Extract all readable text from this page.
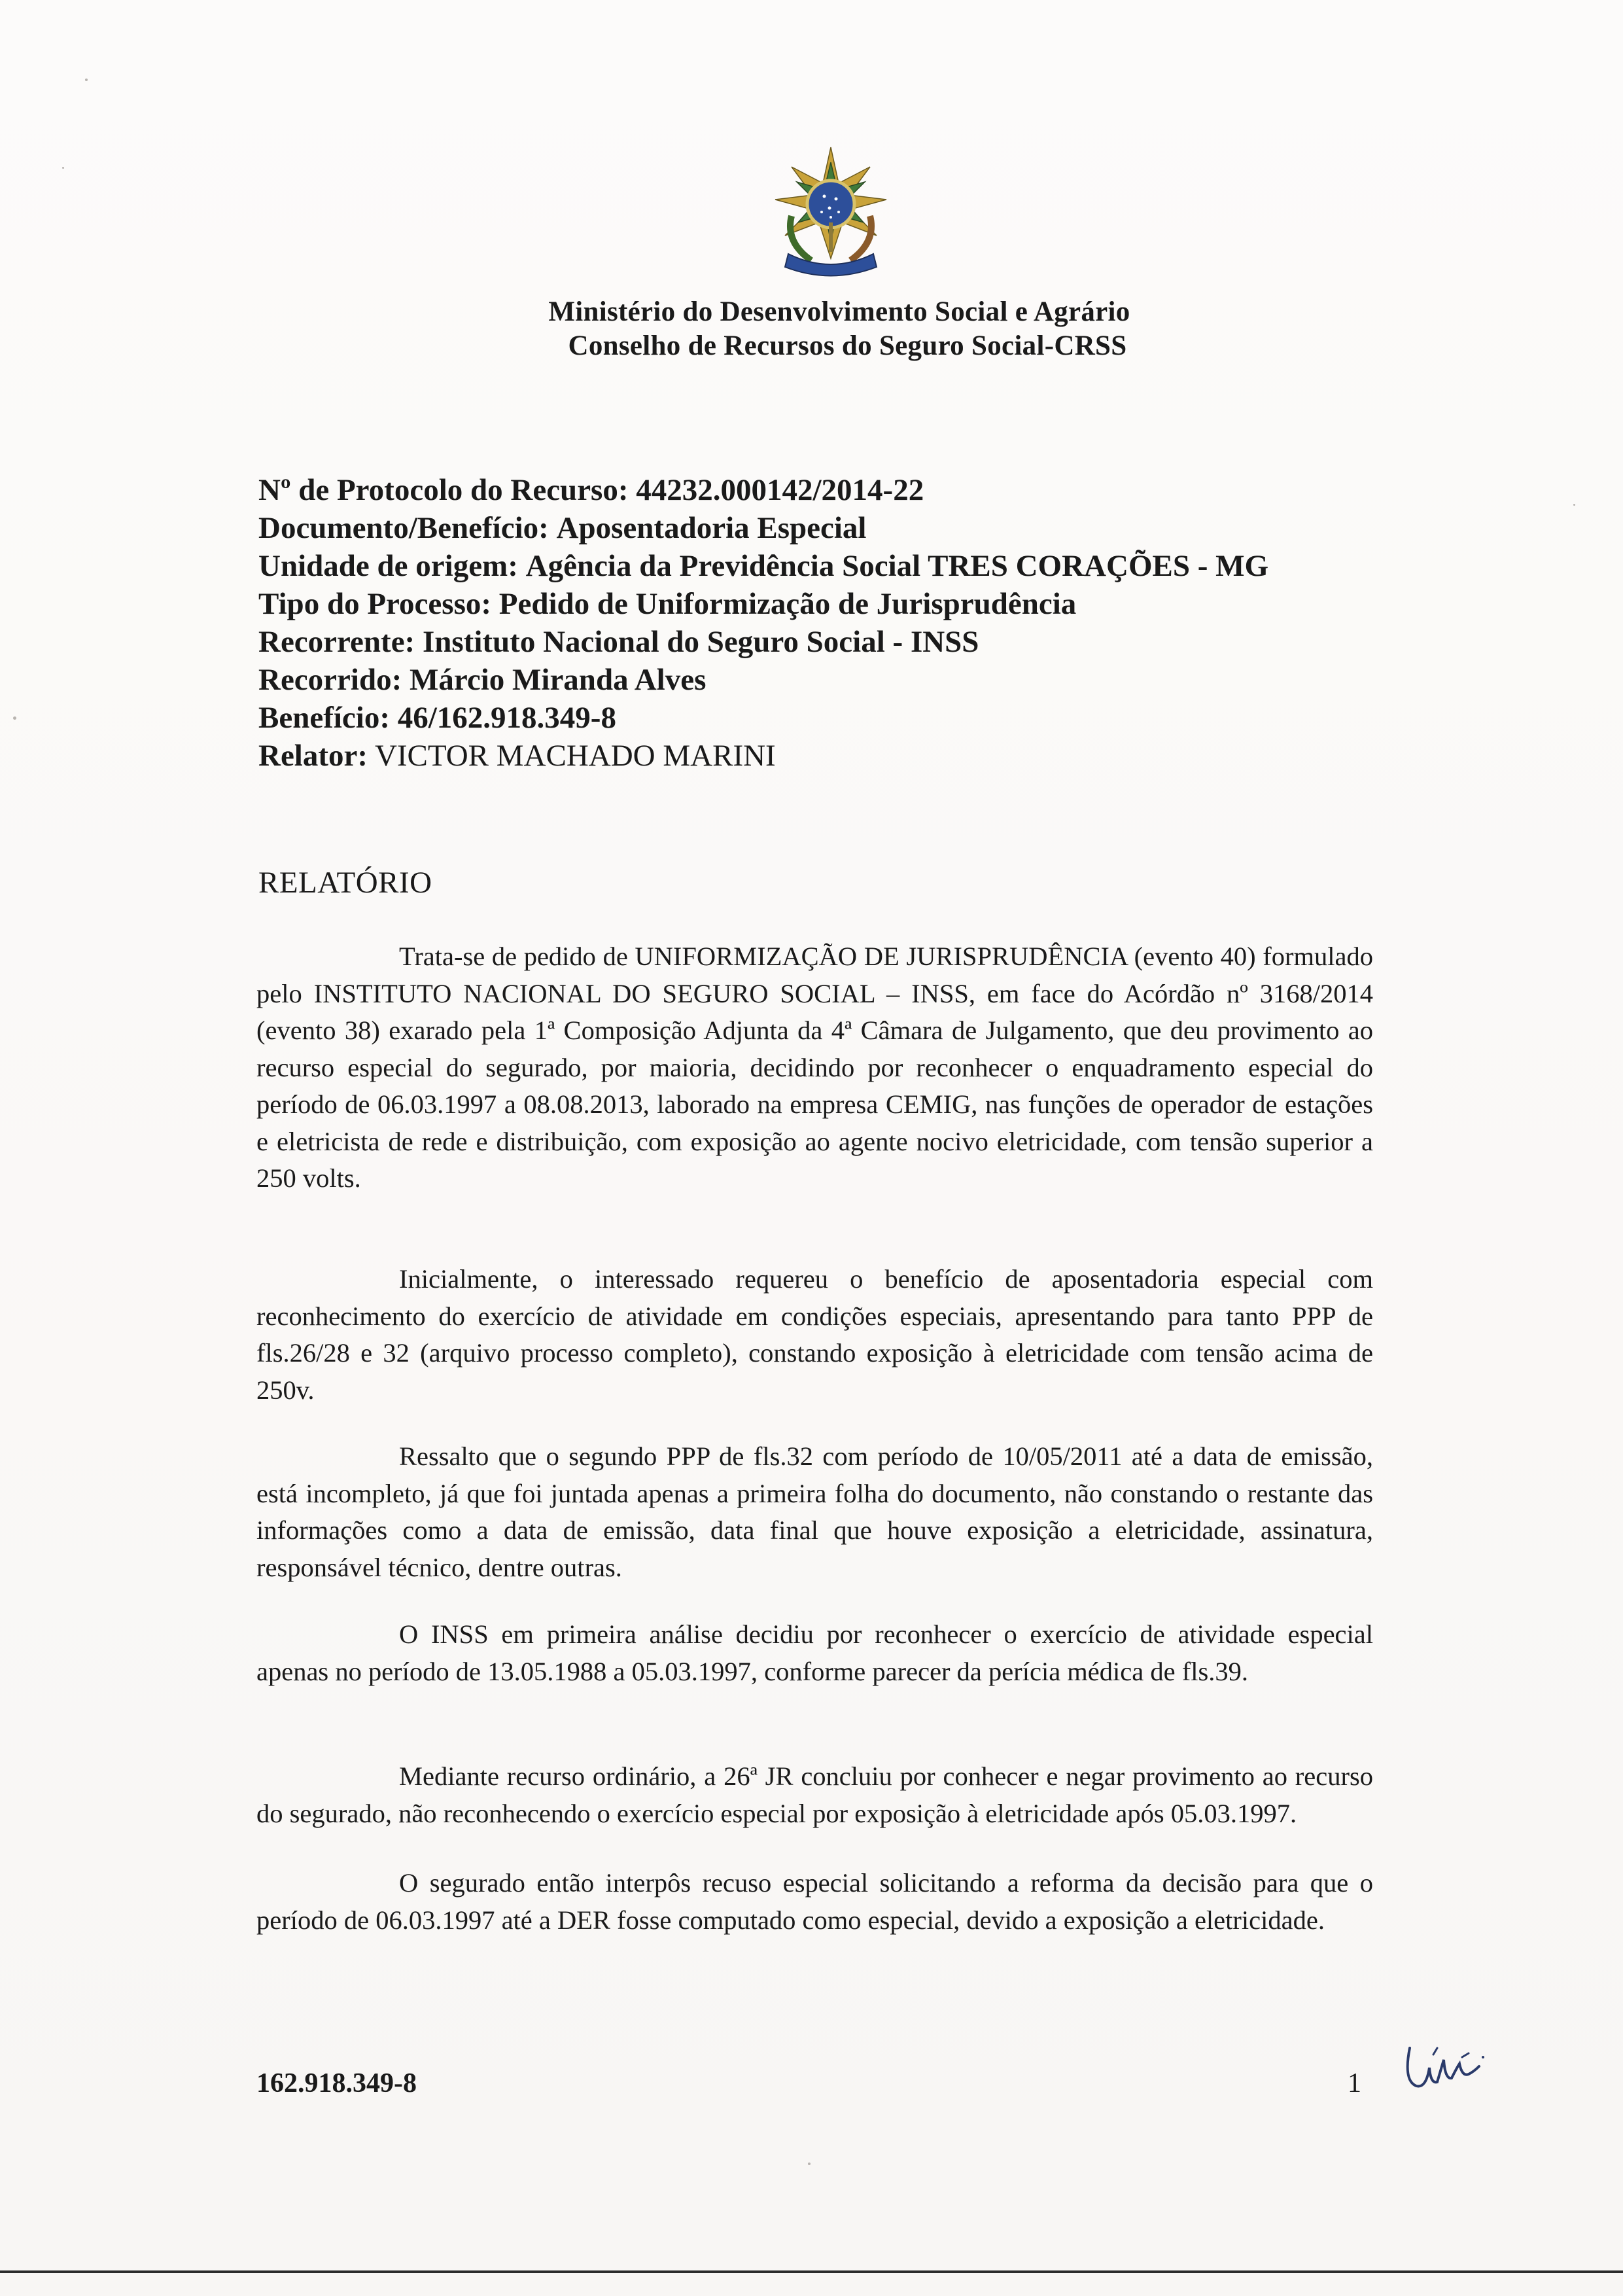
Ministério do Desenvolvimento Social e Agrário
Conselho de Recursos do Seguro Social-CRSS
Nº de Protocolo do Recurso: 44232.000142/2014-22
Documento/Benefício: Aposentadoria Especial
Unidade de origem: Agência da Previdência Social TRES CORAÇÕES - MG
Tipo do Processo: Pedido de Uniformização de Jurisprudência
Recorrente: Instituto Nacional do Seguro Social - INSS
Recorrido: Márcio Miranda Alves
Benefício: 46/162.918.349-8
Relator: VICTOR MACHADO MARINI
RELATÓRIO

Trata-se de pedido de UNIFORMIZAÇÃO DE JURISPRUDÊNCIA (evento 40) formulado pelo INSTITUTO NACIONAL DO SEGURO SOCIAL – INSS, em face do Acórdão nº 3168/2014 (evento 38) exarado pela 1ª Composição Adjunta da 4ª Câmara de Julgamento, que deu provimento ao recurso especial do segurado, por maioria, decidindo por reconhecer o enquadramento especial do período de 06.03.1997 a 08.08.2013, laborado na empresa CEMIG, nas funções de operador de estações e eletricista de rede e distribuição, com exposição ao agente nocivo eletricidade, com tensão superior a 250 volts.

Inicialmente, o interessado requereu o benefício de aposentadoria especial com reconhecimento do exercício de atividade em condições especiais, apresentando para tanto PPP de fls.26/28 e 32 (arquivo processo completo), constando exposição à eletricidade com tensão acima de 250v.

Ressalto que o segundo PPP de fls.32 com período de 10/05/2011 até a data de emissão, está incompleto, já que foi juntada apenas a primeira folha do documento, não constando o restante das informações como a data de emissão, data final que houve exposição a eletricidade, assinatura, responsável técnico, dentre outras.

O INSS em primeira análise decidiu por reconhecer o exercício de atividade especial apenas no período de 13.05.1988 a 05.03.1997, conforme parecer da perícia médica de fls.39.

Mediante recurso ordinário, a 26ª JR concluiu por conhecer e negar provimento ao recurso do segurado, não reconhecendo o exercício especial por exposição à eletricidade após 05.03.1997.

O segurado então interpôs recuso especial solicitando a reforma da decisão para que o período de 06.03.1997 até a DER fosse computado como especial, devido a exposição a eletricidade.

162.918.349-8	1
